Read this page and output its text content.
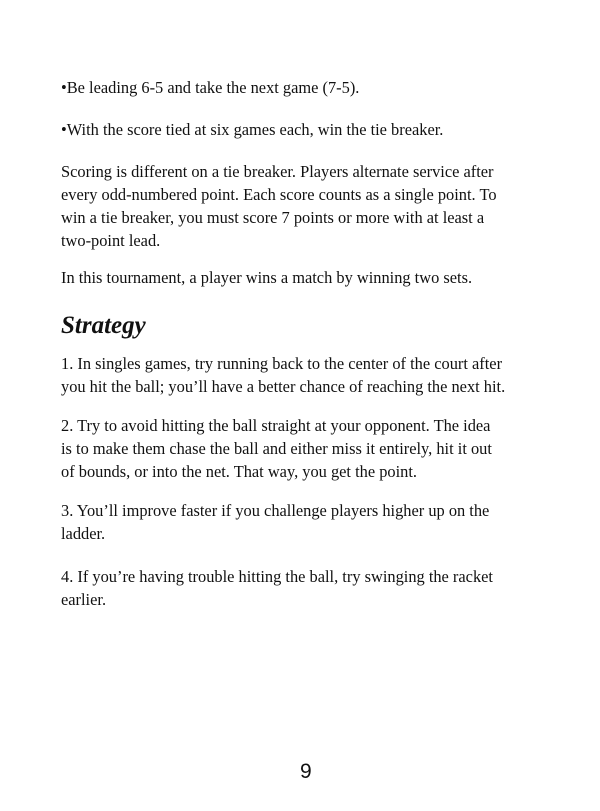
•Be leading 6-5 and take the next game (7-5).

•With the score tied at six games each, win the tie breaker.

Scoring is different on a tie breaker. Players alternate service after
every odd-numbered point. Each score counts as a single point. To
win a tie breaker, you must score 7 points or more with at least a
two-point lead.

In this tournament, a player wins a match by winning two sets.

Strategy

1. In singles games, try running back to the center of the court after
you hit the ball; you’ll have a better chance of reaching the next hit.

2. Try to avoid hitting the ball straight at your opponent. The idea
is to make them chase the ball and either miss it entirely, hit it out
of bounds, or into the net. That way, you get the point.

3. You’ll improve faster if you challenge players higher up on the
ladder.

4. If you’re having trouble hitting the ball, try swinging the racket
earlier.

9
